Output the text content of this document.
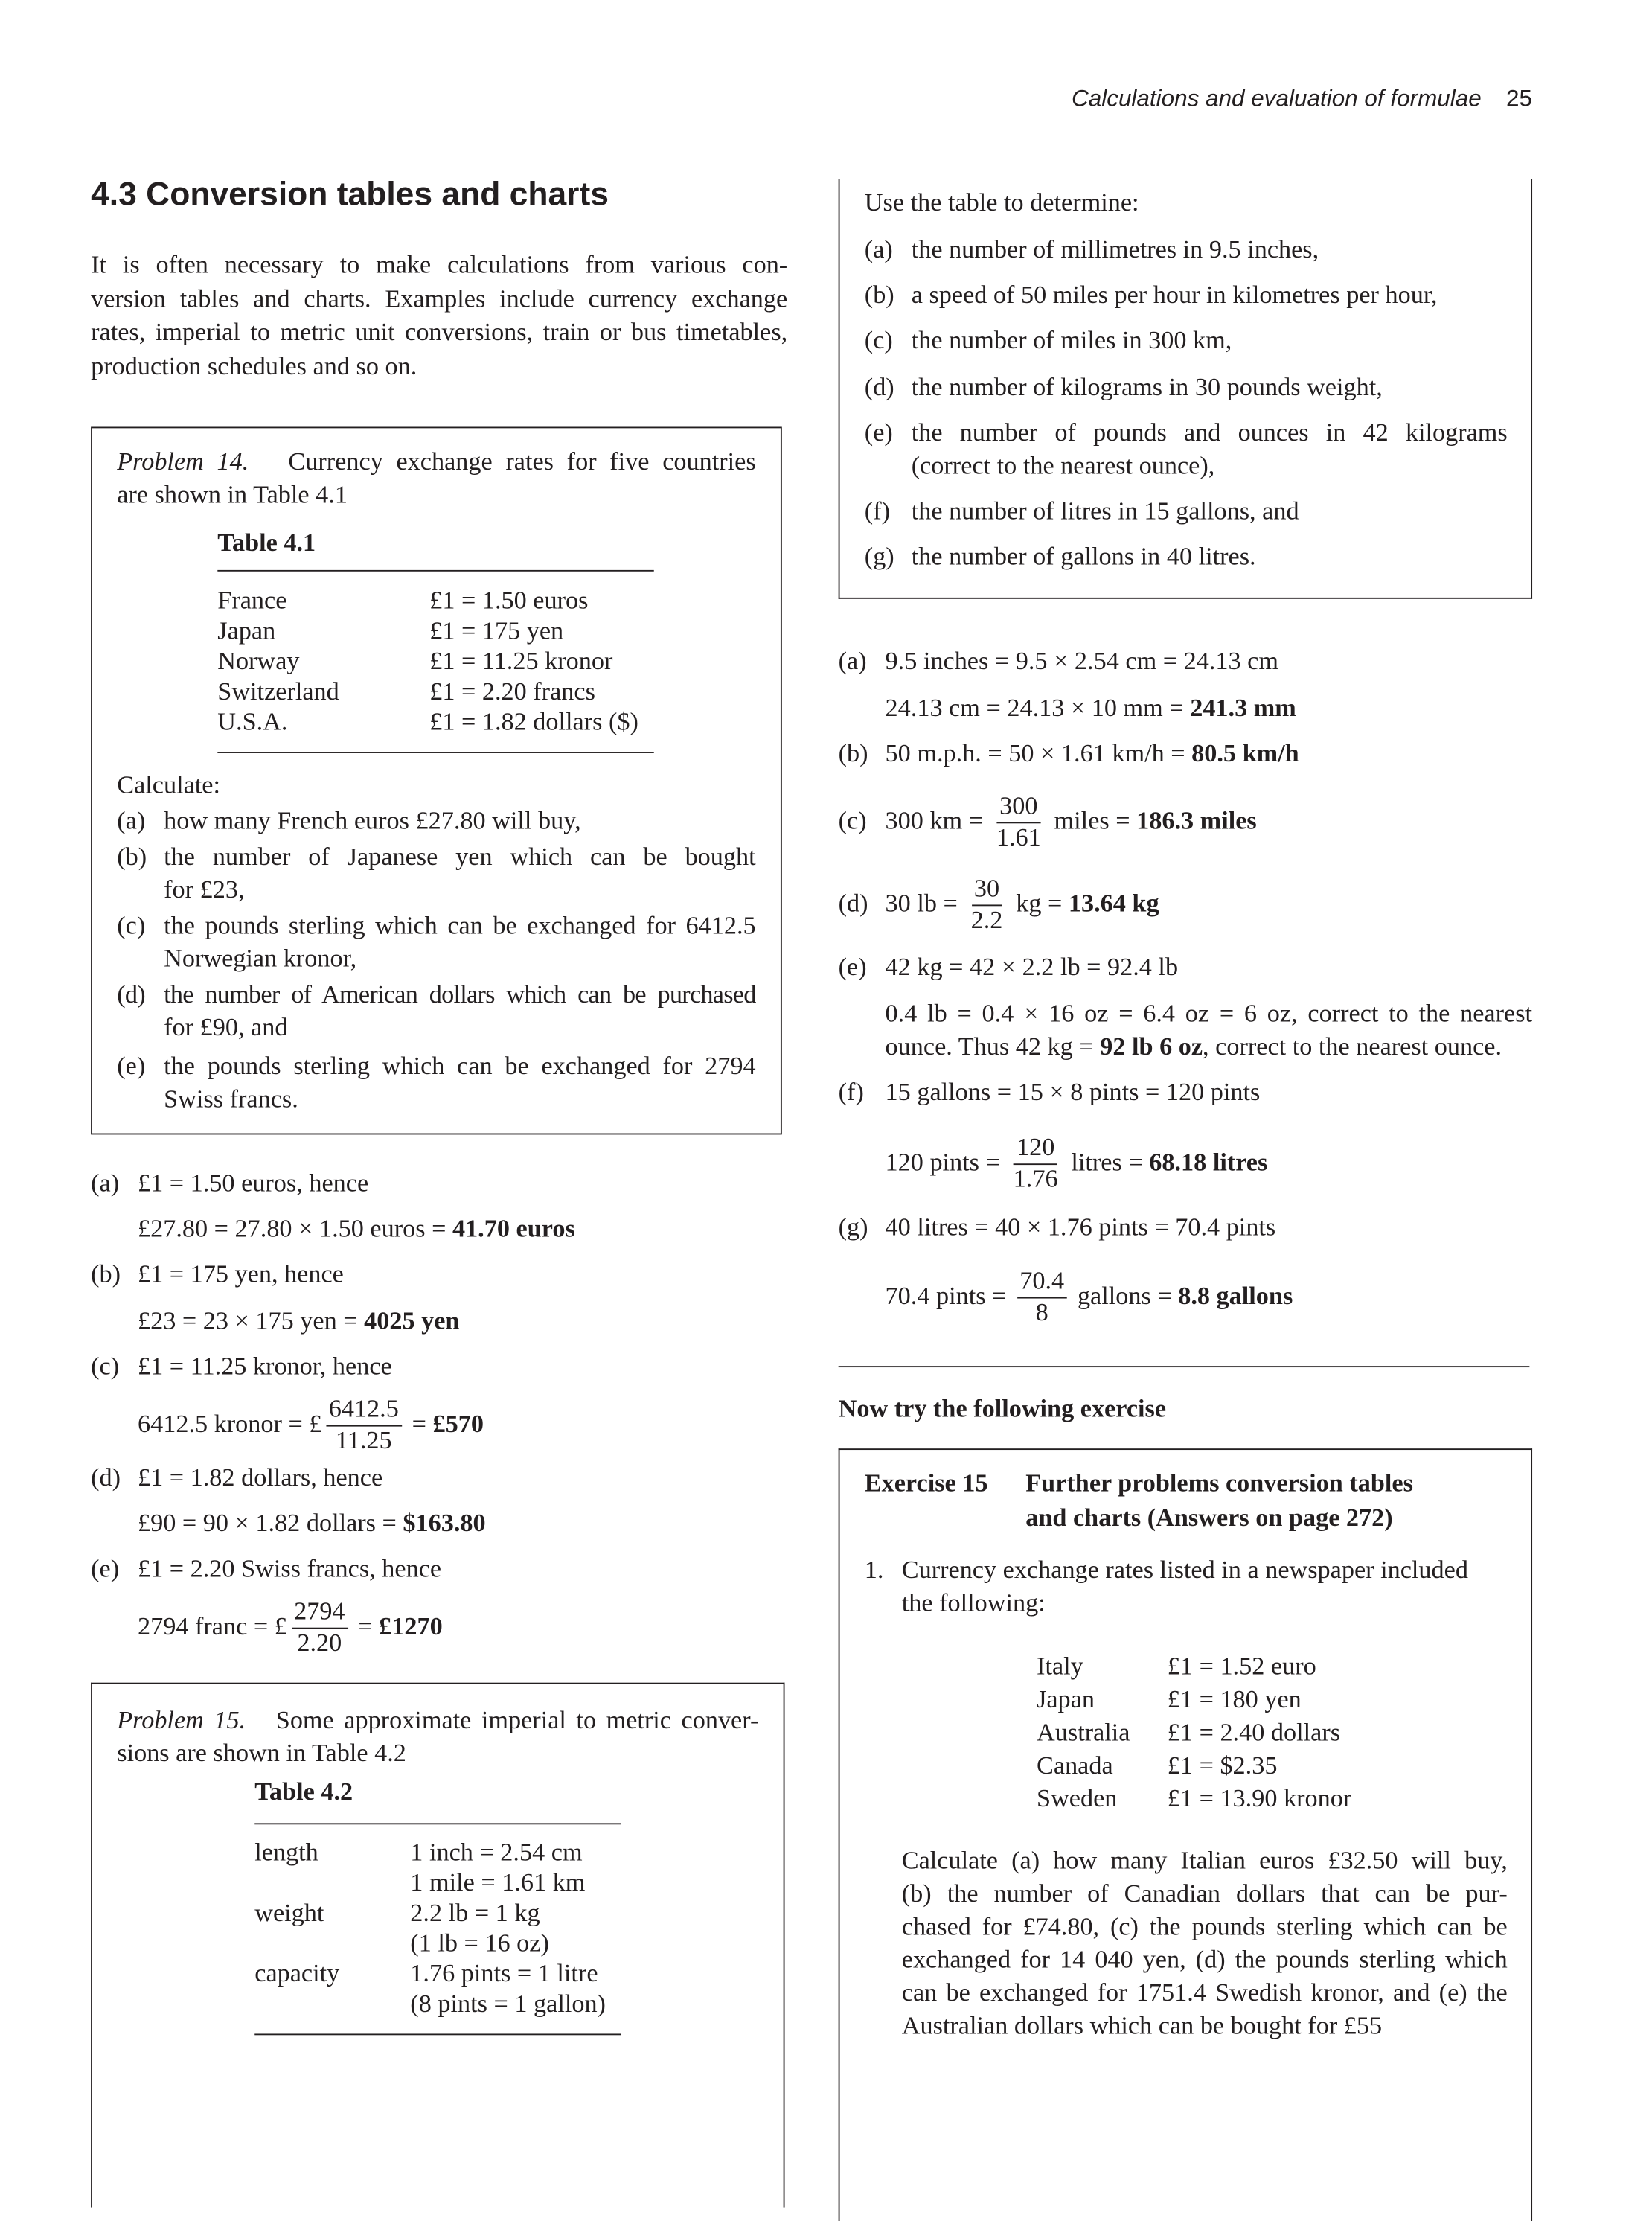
Calculations and evaluation of formulae 25
4.3 Conversion tables and charts
It is often necessary to make calculations from various con-
version tables and charts. Examples include currency exchange
rates, imperial to metric unit conversions, train or bus timetables,
production schedules and so on.
Problem 14.	Currency exchange rates for five countries
are shown in Table 4.1
Table 4.1
France	£1 = 1.50 euros
Japan	£1 = 175 yen
Norway	£1 = 11.25 kronor
Switzerland	£1 = 2.20 francs
U.S.A.	£1 = 1.82 dollars ($)
Calculate:
(a) how many French euros £27.80 will buy,
(b) the number of Japanese yen which can be bought
for £23,
(c) the pounds sterling which can be exchanged for 6412.5
Norwegian kronor,
(d) the number of American dollars which can be purchased
for £90, and
(e) the pounds sterling which can be exchanged for 2794
Swiss francs.
(a) £1 = 1.50 euros, hence
£27.80 = 27.80 × 1.50 euros = 41.70 euros
(b) £1 = 175 yen, hence
£23 = 23 × 175 yen = 4025 yen
(c) £1 = 11.25 kronor, hence
6412.5 kronor = £ $\frac{6412.5}{11.25}$ = £570
(d) £1 = 1.82 dollars, hence
£90 = 90 × 1.82 dollars = $163.80
(e) £1 = 2.20 Swiss francs, hence
2794 franc = £ $\frac{2794}{2.20}$ = £1270
Problem 15. Some approximate imperial to metric conver-
sions are shown in Table 4.2
Table 4.2
length	1 inch = 2.54 cm
1 mile = 1.61 km
weight	2.2 lb = 1 kg
(1 lb = 16 oz)
capacity	1.76 pints = 1 litre
(8 pints = 1 gallon)
Use the table to determine:
(a) the number of millimetres in 9.5 inches,
(b) a speed of 50 miles per hour in kilometres per hour,
(c) the number of miles in 300 km,
(d) the number of kilograms in 30 pounds weight,
(e) the number of pounds and ounces in 42 kilograms
(correct to the nearest ounce),
(f) the number of litres in 15 gallons, and
(g) the number of gallons in 40 litres.
(a) 9.5 inches = 9.5 × 2.54 cm = 24.13 cm
24.13 cm = 24.13 × 10 mm = 241.3 mm
(b) 50 m.p.h. = 50 × 1.61 km/h = 80.5 km/h
(c) 300 km = $\frac{300}{1.61}$ miles = 186.3 miles
(d) 30 lb = $\frac{30}{2.2}$ kg = 13.64 kg
(e) 42 kg = 42 × 2.2 lb = 92.4 lb
0.4 lb = 0.4 × 16 oz = 6.4 oz = 6 oz, correct to the nearest
ounce. Thus 42 kg = 92 lb 6 oz, correct to the nearest ounce.
(f) 15 gallons = 15 × 8 pints = 120 pints
120 pints = $\frac{120}{1.76}$ litres = 68.18 litres
(g) 40 litres = 40 × 1.76 pints = 70.4 pints
70.4 pints = $\frac{70.4}{8}$ gallons = 8.8 gallons
Now try the following exercise
Exercise 15	Further problems conversion tables
and charts (Answers on page 272)
1. Currency exchange rates listed in a newspaper included
the following:
Italy	£1 = 1.52 euro
Japan	£1 = 180 yen
Australia	£1 = 2.40 dollars
Canada	£1 = $2.35
Sweden	£1 = 13.90 kronor
Calculate (a) how many Italian euros £32.50 will buy,
(b) the number of Canadian dollars that can be pur-
chased for £74.80, (c) the pounds sterling which can be
exchanged for 14 040 yen, (d) the pounds sterling which
can be exchanged for 1751.4 Swedish kronor, and (e) the
Australian dollars which can be bought for £55
